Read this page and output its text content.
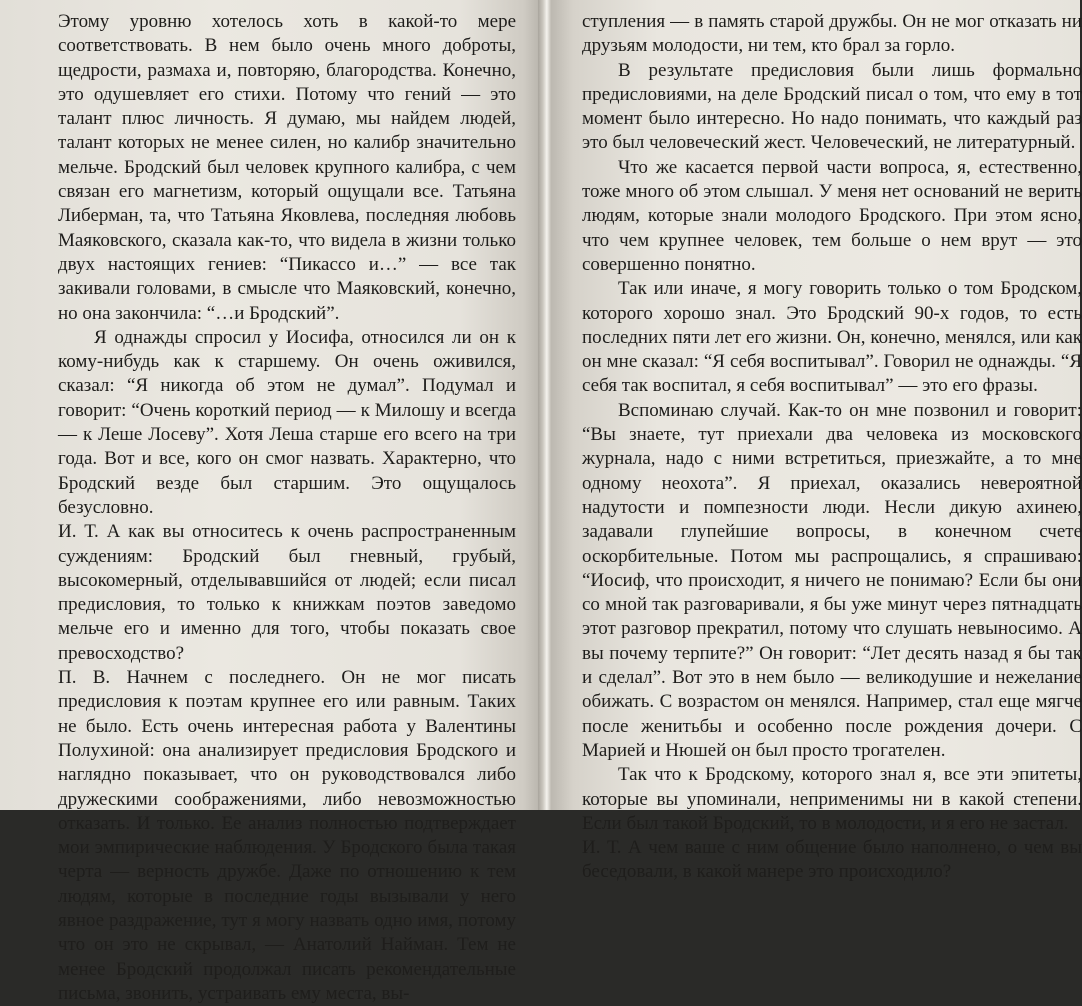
Этому уровню хотелось хоть в какой-то мере соответствовать. В нем было очень много доброты, щедрости, размаха и, повторяю, благородства. Конечно, это одушевляет его стихи. Потому что гений — это талант плюс личность. Я думаю, мы найдем людей, талант которых не менее силен, но калибр значительно мельче. Бродский был человек крупного калибра, с чем связан его магнетизм, который ощущали все. Татьяна Либерман, та, что Татьяна Яковлева, последняя любовь Маяковского, сказала как-то, что видела в жизни только двух настоящих гениев: “Пикассо и…” — все так закивали головами, в смысле что Маяковский, конечно, но она закончила: “…и Бродский”.

Я однажды спросил у Иосифа, относился ли он к кому-нибудь как к старшему. Он очень оживился, сказал: “Я никогда об этом не думал”. Подумал и говорит: “Очень короткий период — к Милошу и всегда — к Леше Лосеву”. Хотя Леша старше его всего на три года. Вот и все, кого он смог назвать. Характерно, что Бродский везде был старшим. Это ощущалось безусловно.

И. Т. А как вы относитесь к очень распространенным суждениям: Бродский был гневный, грубый, высокомерный, отделывавшийся от людей; если писал предисловия, то только к книжкам поэтов заведомо мельче его и именно для того, чтобы показать свое превосходство?

П. В. Начнем с последнего. Он не мог писать предисловия к поэтам крупнее его или равным. Таких не было. Есть очень интересная работа у Валентины Полухиной: она анализирует предисловия Бродского и наглядно показывает, что он руководствовался либо дружескими соображениями, либо невозможностью отказать. И только. Ее анализ полностью подтверждает мои эмпирические наблюдения. У Бродского была такая черта — верность дружбе. Даже по отношению к тем людям, которые в последние годы вызывали у него явное раздражение, тут я могу назвать одно имя, потому что он это не скрывал, — Анатолий Найман. Тем не менее Бродский продолжал писать рекомендательные письма, звонить, устраивать ему места, вы-

ступления — в память старой дружбы. Он не мог отказать ни друзьям молодости, ни тем, кто брал за горло.

В результате предисловия были лишь формально предисловиями, на деле Бродский писал о том, что ему в тот момент было интересно. Но надо понимать, что каждый раз это был человеческий жест. Человеческий, не литературный.

Что же касается первой части вопроса, я, естественно, тоже много об этом слышал. У меня нет оснований не верить людям, которые знали молодого Бродского. При этом ясно, что чем крупнее человек, тем больше о нем врут — это совершенно понятно.

Так или иначе, я могу говорить только о том Бродском, которого хорошо знал. Это Бродский 90-х годов, то есть последних пяти лет его жизни. Он, конечно, менялся, или как он мне сказал: “Я себя воспитывал”. Говорил не однажды. “Я себя так воспитал, я себя воспитывал” — это его фразы.

Вспоминаю случай. Как-то он мне позвонил и говорит: “Вы знаете, тут приехали два человека из московского журнала, надо с ними встретиться, приезжайте, а то мне одному неохота”. Я приехал, оказались невероятной надутости и помпезности люди. Несли дикую ахинею, задавали глупейшие вопросы, в конечном счете оскорбительные. Потом мы распрощались, я спрашиваю: “Иосиф, что происходит, я ничего не понимаю? Если бы они со мной так разговаривали, я бы уже минут через пятнадцать этот разговор прекратил, потому что слушать невыносимо. А вы почему терпите?” Он говорит: “Лет десять назад я бы так и сделал”. Вот это в нем было — великодушие и нежелание обижать. С возрастом он менялся. Например, стал еще мягче после женитьбы и особенно после рождения дочери. С Марией и Нюшей он был просто трогателен.

Так что к Бродскому, которого знал я, все эти эпитеты, которые вы упоминали, неприменимы ни в какой степени. Если был такой Бродский, то в молодости, и я его не застал.

И. Т. А чем ваше с ним общение было наполнено, о чем вы беседовали, в какой манере это происходило?
